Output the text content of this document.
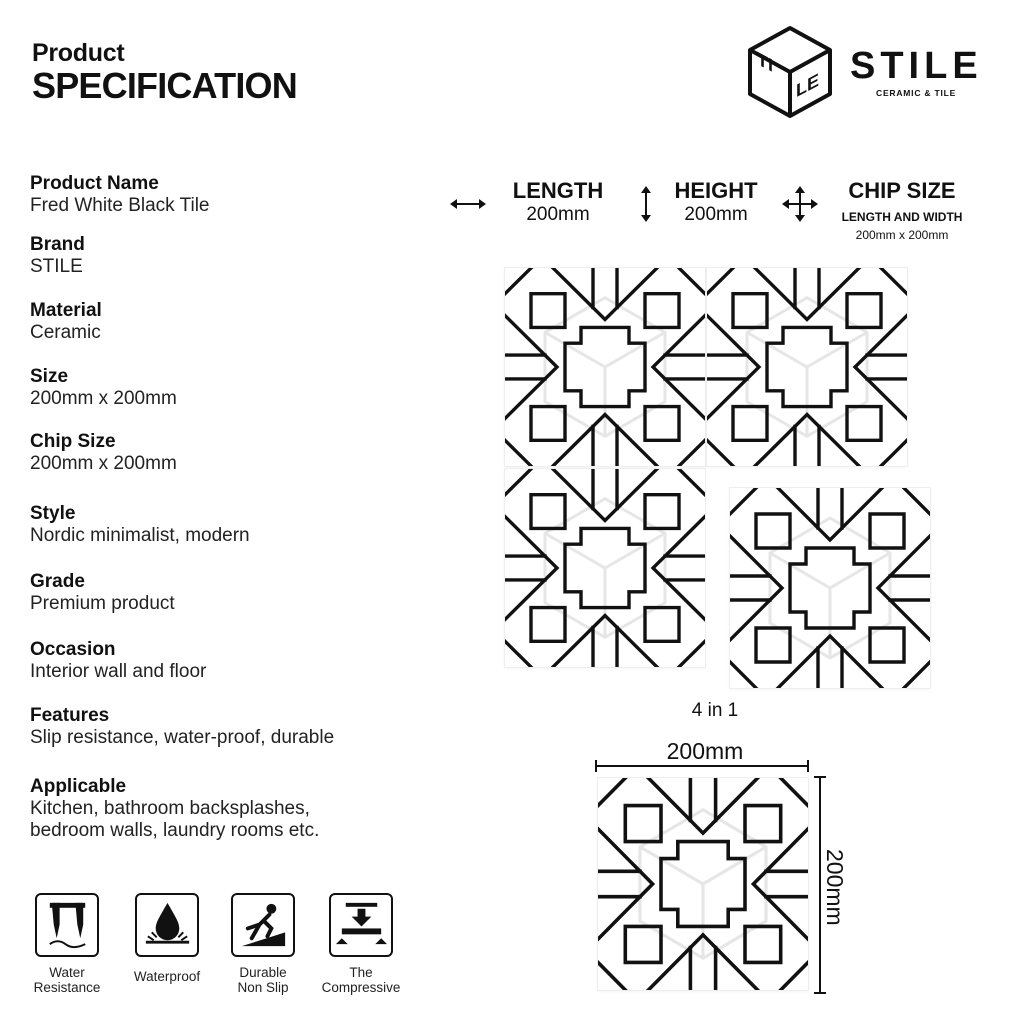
Product
SPECIFICATION
TI
LE STILE
CERAMIC & TILE
Product Name
Fred White Black Tile
Brand
STILE
Material
Ceramic
Size
200mm x 200mm
Chip Size
200mm x 200mm
Style
Nordic minimalist, modern
Grade
Premium product
Occasion
Interior wall and floor
Features
Slip resistance, water-proof, durable
Applicable
Kitchen, bathroom backsplashes,
bedroom walls, laundry rooms etc.
LENGTH
200mm
HEIGHT
200mm
CHIP SIZE
LENGTH AND WIDTH
200mm x 200mm
4 in 1
200mm
200mm
Water
Resistance
Waterproof	Durable
Non Slip
The
Compressive
